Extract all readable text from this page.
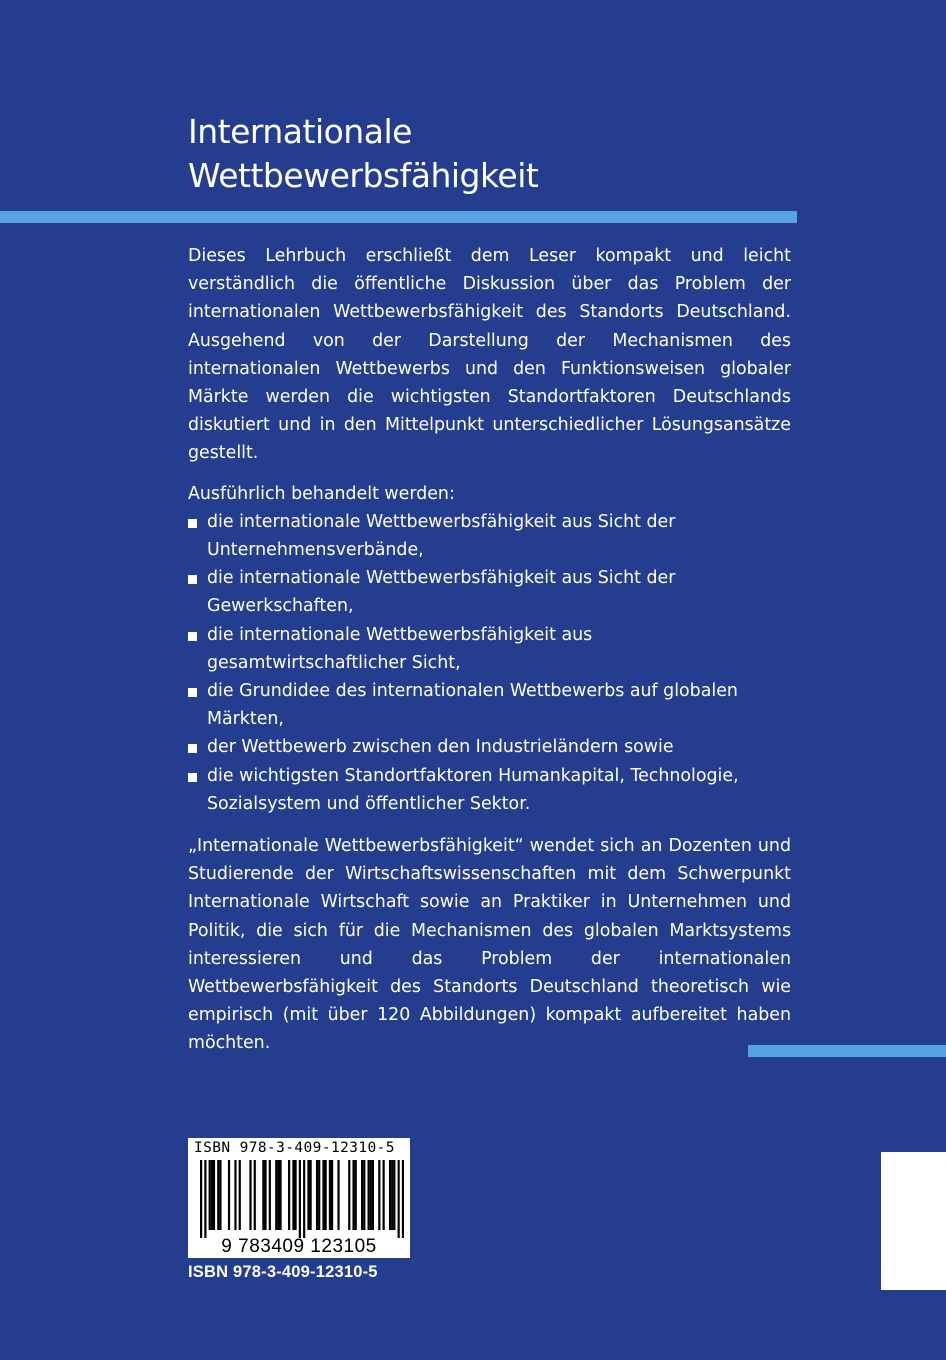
Internationale
Wettbewerbsfähigkeit

Dieses Lehrbuch erschließt dem Leser kompakt und leicht verständlich die öffentliche Diskussion über das Problem der internationalen Wettbewerbsfähigkeit des Standorts Deutschland. Ausgehend von der Darstellung der Mechanismen des internationalen Wettbewerbs und den Funktionsweisen globaler Märkte werden die wichtigsten Standortfaktoren Deutschlands diskutiert und in den Mittelpunkt unterschiedlicher Lösungsansätze gestellt.

Ausführlich behandelt werden:

die internationale Wettbewerbsfähigkeit aus Sicht der Unternehmensverbände,
die internationale Wettbewerbsfähigkeit aus Sicht der Gewerkschaften,
die internationale Wettbewerbsfähigkeit aus gesamtwirtschaftlicher Sicht,
die Grundidee des internationalen Wettbewerbs auf globalen Märkten,
der Wettbewerb zwischen den Industrieländern sowie
die wichtigsten Standortfaktoren Humankapital, Technologie, Sozialsystem und öffentlicher Sektor.

„Internationale Wettbewerbsfähigkeit“ wendet sich an Dozenten und Studierende der Wirtschaftswissenschaften mit dem Schwerpunkt Internationale Wirtschaft sowie an Praktiker in Unternehmen und Politik, die sich für die Mechanismen des globalen Marktsystems interessieren und das Problem der internationalen Wettbewerbsfähigkeit des Standorts Deutschland theoretisch wie empirisch (mit über 120 Abbildungen) kompakt aufbereitet haben möchten.

ISBN 978-3-409-12310-5
9 783409 123105
ISBN 978-3-409-12310-5
